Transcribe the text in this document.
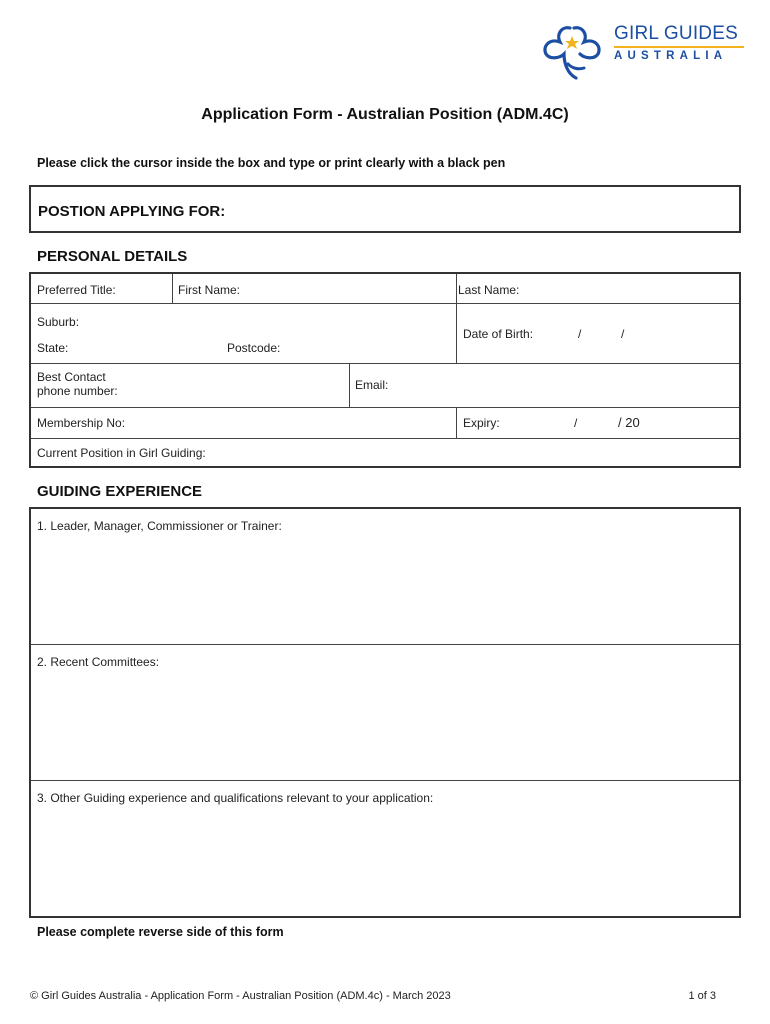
GIRL GUIDES
AUSTRALIA
Application Form - Australian Position (ADM.4C)
Please click the cursor inside the box and type or print clearly with a black pen
POSTION APPLYING FOR:
PERSONAL DETAILS
Preferred Title:	First Name:	Last Name:
Suburb:
State:	Postcode:
Date of Birth:	/	/
Best Contact
phone number:	Email:
Membership No:	Expiry:	/	/ 20
Current Position in Girl Guiding:
GUIDING EXPERIENCE
1. Leader, Manager, Commissioner or Trainer:
2. Recent Committees:
3. Other Guiding experience and qualifications relevant to your application:
Please complete reverse side of this form
© Girl Guides Australia - Application Form - Australian Position (ADM.4c) - March 2023	1 of 3
